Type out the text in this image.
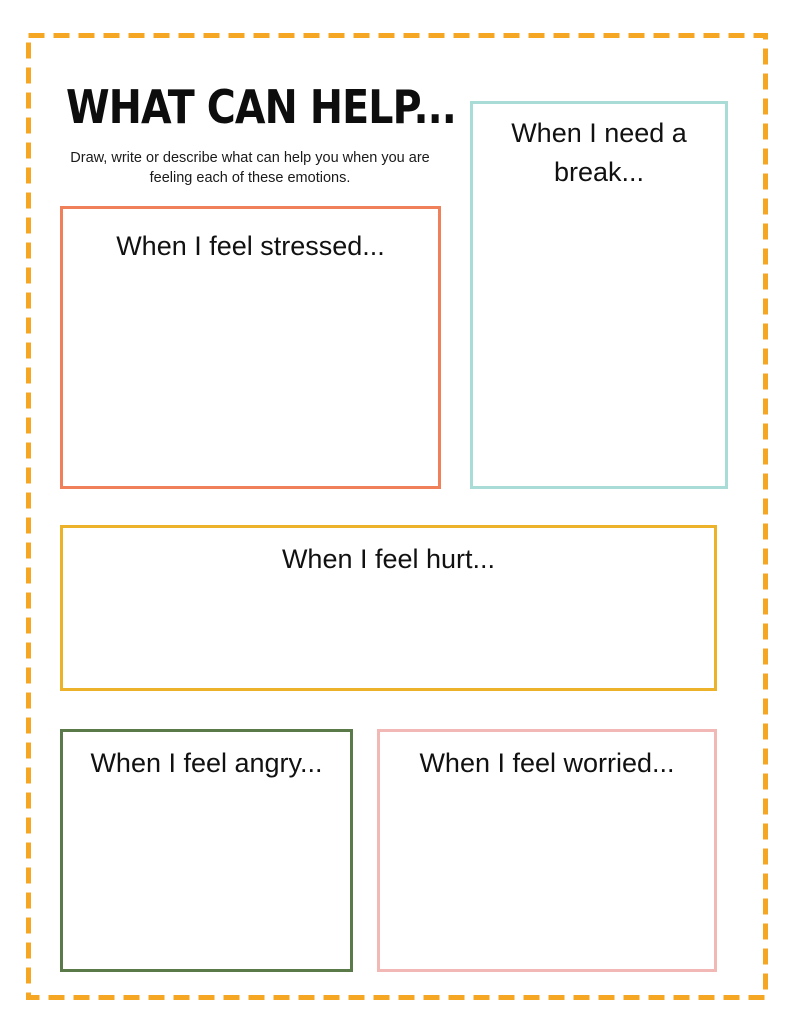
WHAT CAN HELP...
Draw, write or describe what can help you when you are feeling each of these emotions.
When I feel stressed...
When I need a break...
When I feel hurt...
When I feel angry...	When I feel worried...
